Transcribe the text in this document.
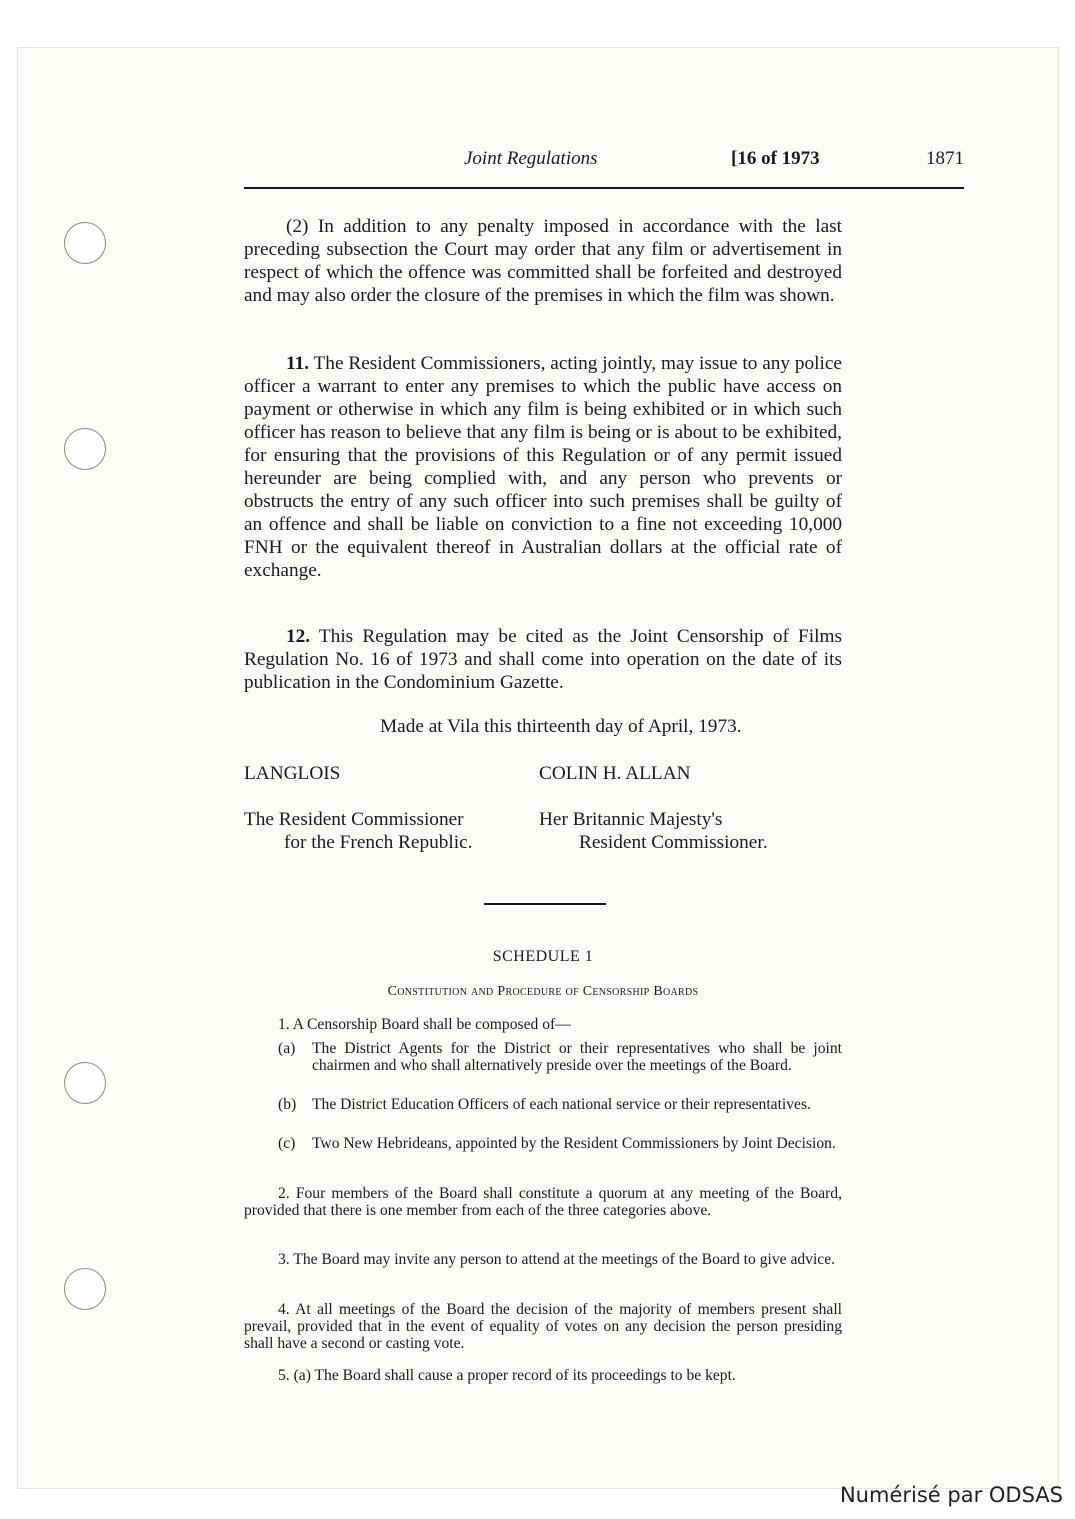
Joint Regulations	[16 of 1973	1871
(2) In addition to any penalty imposed in accordance with the last preceding subsection the Court may order that any film or advertisement in respect of which the offence was committed shall be forfeited and destroyed and may also order the closure of the premises in which the film was shown.
11. The Resident Commissioners, acting jointly, may issue to any police officer a warrant to enter any premises to which the public have access on payment or otherwise in which any film is being exhibited or in which such officer has reason to believe that any film is being or is about to be exhibited, for ensuring that the provisions of this Regulation or of any permit issued hereunder are being complied with, and any person who prevents or obstructs the entry of any such officer into such premises shall be guilty of an offence and shall be liable on conviction to a fine not exceeding 10,000 FNH or the equivalent thereof in Australian dollars at the official rate of exchange.
12. This Regulation may be cited as the Joint Censorship of Films Regulation No. 16 of 1973 and shall come into operation on the date of its publication in the Condominium Gazette.
Made at Vila this thirteenth day of April, 1973.
LANGLOIS	COLIN H. ALLAN
The Resident Commissioner
for the French Republic.
Her Britannic Majesty's
Resident Commissioner.
SCHEDULE 1
Constitution and Procedure of Censorship Boards
1. A Censorship Board shall be composed of—
(a) The District Agents for the District or their representatives who shall be joint chairmen and who shall alternatively preside over the meetings of the Board.
(b) The District Education Officers of each national service or their representatives.
(c) Two New Hebrideans, appointed by the Resident Commissioners by Joint Decision.
2. Four members of the Board shall constitute a quorum at any meeting of the Board, provided that there is one member from each of the three categories above.
3. The Board may invite any person to attend at the meetings of the Board to give advice.
4. At all meetings of the Board the decision of the majority of members present shall prevail, provided that in the event of equality of votes on any decision the person presiding shall have a second or casting vote.
5. (a) The Board shall cause a proper record of its proceedings to be kept.
Numérisé par ODSAS
